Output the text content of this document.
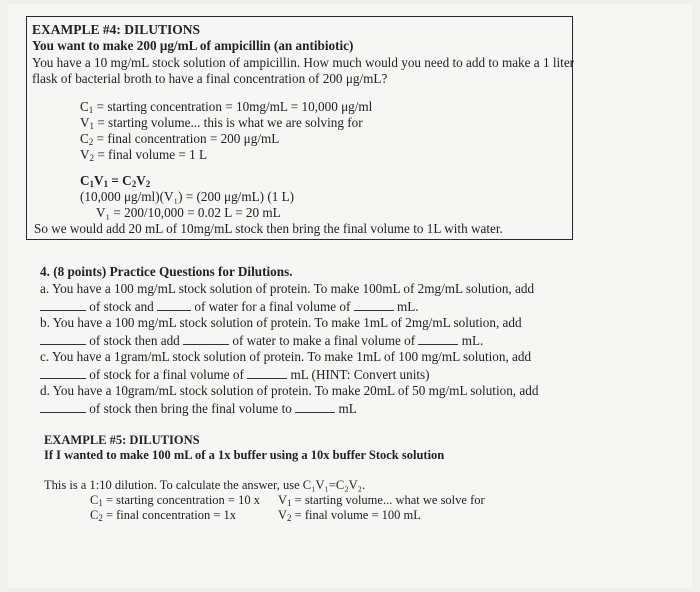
EXAMPLE #4: DILUTIONS
You want to make 200 μg/mL of ampicillin (an antibiotic)
You have a 10 mg/mL stock solution of ampicillin. How much would you need to add to make a 1 liter
flask of bacterial broth to have a final concentration of 200 μg/mL?
$C_1$ = starting concentration = 10mg/mL = 10,000 μg/ml
$V_1$ = starting volume... this is what we are solving for
$C_2$ = final concentration = 200 μg/mL
$V_2$ = final volume = 1 L
$C_1V_1 = C_2V_2$
(10,000 μg/ml)(V₁) = (200 μg/mL) (1 L)
V₁ = 200/10,000 = 0.02 L = 20 mL
So we would add 20 mL of 10mg/mL stock then bring the final volume to 1L with water.
4. (8 points) Practice Questions for Dilutions.
a. You have a 100 mg/mL stock solution of protein. To make 100mL of 2mg/mL solution, add
of stock and	of water for a final volume of	mL.
b. You have a 100 mg/mL stock solution of protein. To make 1mL of 2mg/mL solution, add
of stock then add	of water to make a final volume of	mL.
c. You have a 1gram/mL stock solution of protein. To make 1mL of 100 mg/mL solution, add
of stock for a final volume of	mL (HINT: Convert units)
d. You have a 10gram/mL stock solution of protein. To make 20mL of 50 mg/mL solution, add
of stock then bring the final volume to	mL
EXAMPLE #5: DILUTIONS
If I wanted to make 100 mL of a 1x buffer using a 10x buffer Stock solution
This is a 1:10 dilution. To calculate the answer, use C₁V₁=C₂V₂.
$C_1$ = starting concentration = 10 x $V_1$ = starting volume... what we solve for
$C_2$ = final concentration = 1x	$V_2$ = final volume = 100 mL
